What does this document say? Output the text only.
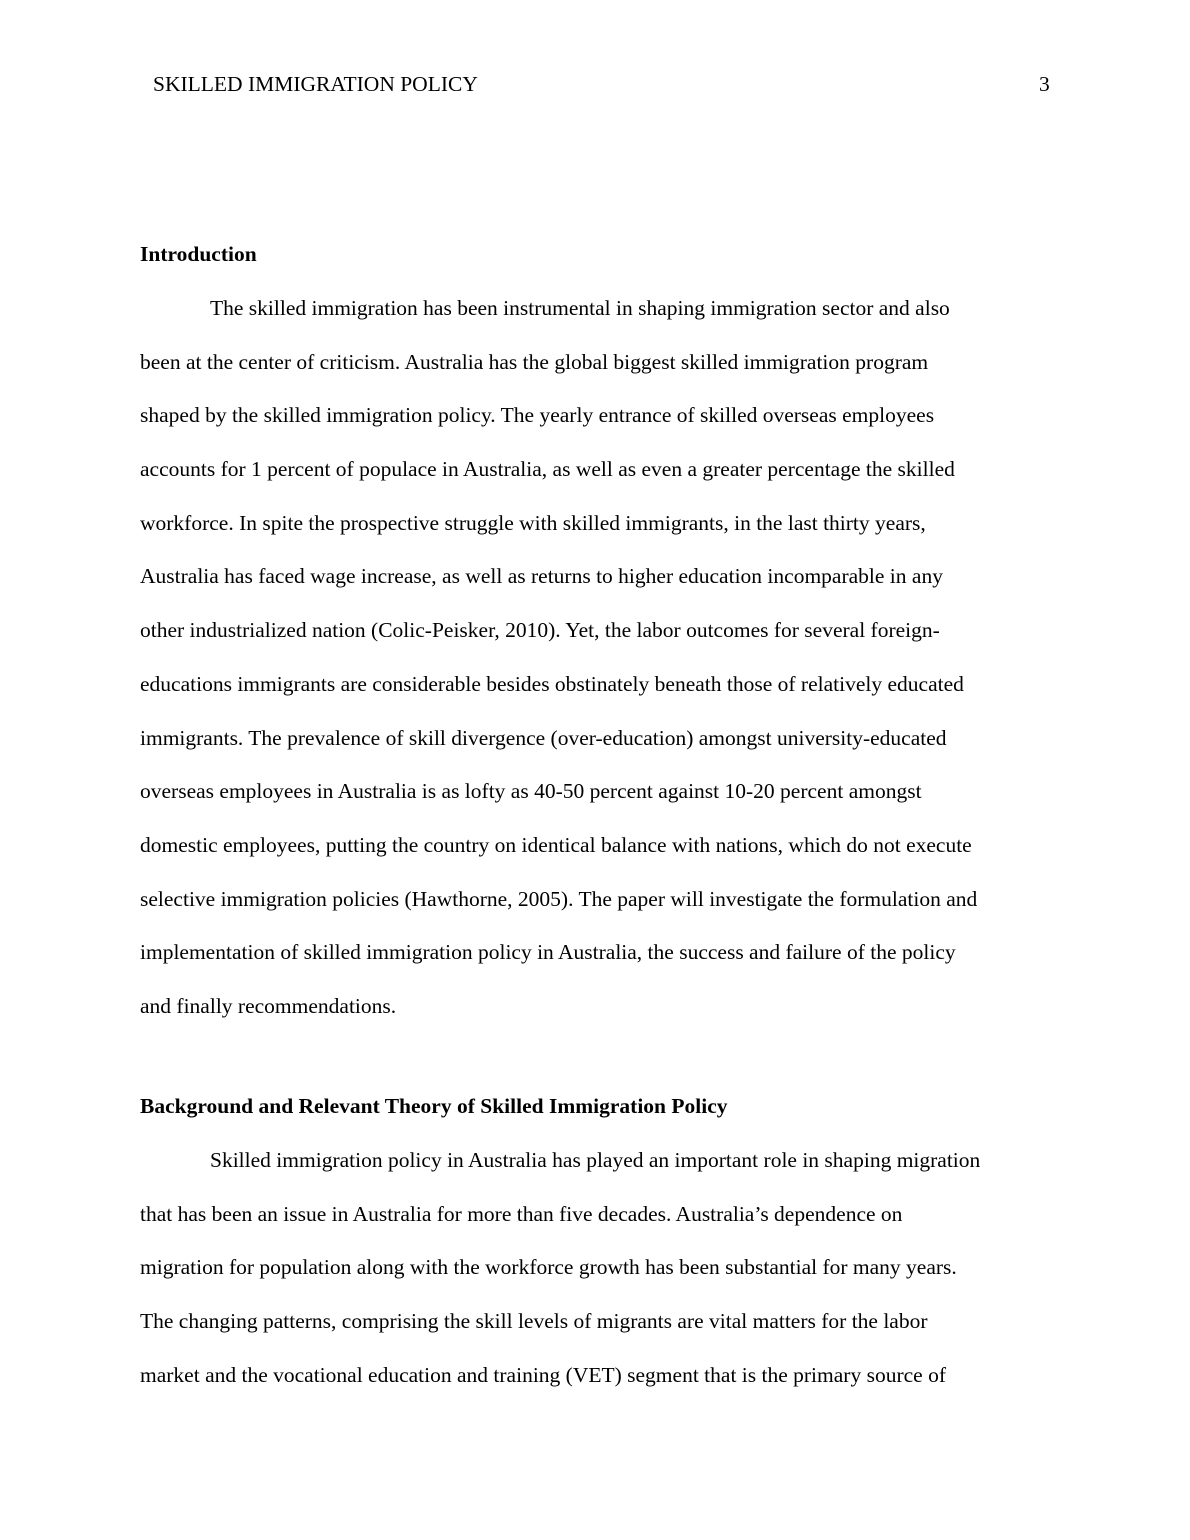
SKILLED IMMIGRATION POLICY	3
Introduction
The skilled immigration has been instrumental in shaping immigration sector and also
been at the center of criticism. Australia has the global biggest skilled immigration program
shaped by the skilled immigration policy. The yearly entrance of skilled overseas employees
accounts for 1 percent of populace in Australia, as well as even a greater percentage the skilled
workforce. In spite the prospective struggle with skilled immigrants, in the last thirty years,
Australia has faced wage increase, as well as returns to higher education incomparable in any
other industrialized nation (Colic-Peisker, 2010). Yet, the labor outcomes for several foreign-
educations immigrants are considerable besides obstinately beneath those of relatively educated
immigrants. The prevalence of skill divergence (over-education) amongst university-educated
overseas employees in Australia is as lofty as 40-50 percent against 10-20 percent amongst
domestic employees, putting the country on identical balance with nations, which do not execute
selective immigration policies (Hawthorne, 2005). The paper will investigate the formulation and
implementation of skilled immigration policy in Australia, the success and failure of the policy
and finally recommendations.
Background and Relevant Theory of Skilled Immigration Policy
Skilled immigration policy in Australia has played an important role in shaping migration
that has been an issue in Australia for more than five decades. Australia’s dependence on
migration for population along with the workforce growth has been substantial for many years.
The changing patterns, comprising the skill levels of migrants are vital matters for the labor
market and the vocational education and training (VET) segment that is the primary source of
